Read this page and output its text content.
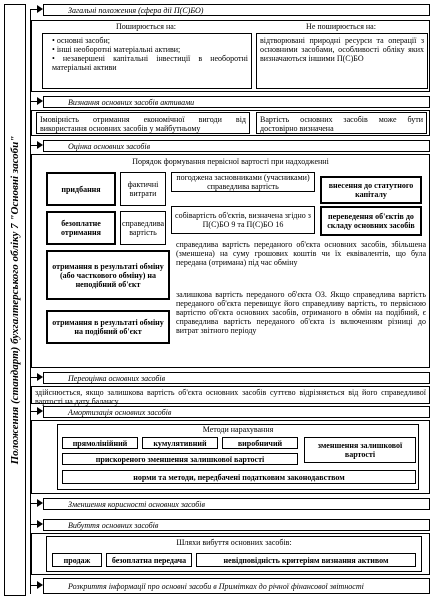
Положення (стандарт) бухгалтерського обліку 7 "Основні засоби"
Загальні положення (сфера дії П(С)БО)
Визнання основних засобів активами
Оцінка основних засобів
Переоцінка основних засобів
Амортизація основних засобів
Зменшення корисності основних засобів
Вибуття основних засобів
Розкриття інформації про основні засоби в Примітках до річної фінансової звітності
Поширюється на:	Не поширюється на:
• основні засоби;
• інші необоротні матеріальні активи;
• незавершені капітальні інвестиції в необоротні матеріальні активи
відтворювані природні ресурси та операції з основними засобами, особливості обліку яких визначаються іншими П(С)БО
Імовірність отримання економічної вигоди від використання основних засобів у майбутньому
Вартість основних засобів може бути достовірно визначена
Порядок формування первісної вартості при надходженні
придбання	фактичні витрати
погоджена засновниками (учасниками) справедлива вартість	внесення до статутного капіталу
безоплатне отримання
справедлива вартість
собівартість об'єктів, визначена згідно з П(С)БО 9 та П(С)БО 16
переведення об'єктів до складу основних засобів
отримання в результаті обміну (або часткового обміну) на неподібний об'єкт
справедлива вартість переданого об'єкта основних засобів, збільшена (зменшена) на суму грошових коштів чи їх еквівалентів, що була передана (отримана) під час обміну
отримання в результаті обміну на подібний об'єкт
залишкова вартість переданого об'єкта ОЗ. Якщо справедлива вартість переданого об'єкта перевищує його справедливу вартість, то первісною вартістю об'єкта основних засобів, отриманого в обмін на подібний, є справедлива вартість переданого об'єкта із включенням різниці до витрат звітного періоду
здійснюється, якщо залишкова вартість об'єкта основних засобів суттєво відрізняється від його справедливої вартості на дату балансу
Методи нарахування
прямолінійний	кумулятивний	виробничий	зменшення залишкової вартості
прискореного зменшення залишкової вартості
норми та методи, передбачені податковим законодавством
Шляхи вибуття основних засобів:
продаж	безоплатна передача	невідповідність критеріям визнання активом
